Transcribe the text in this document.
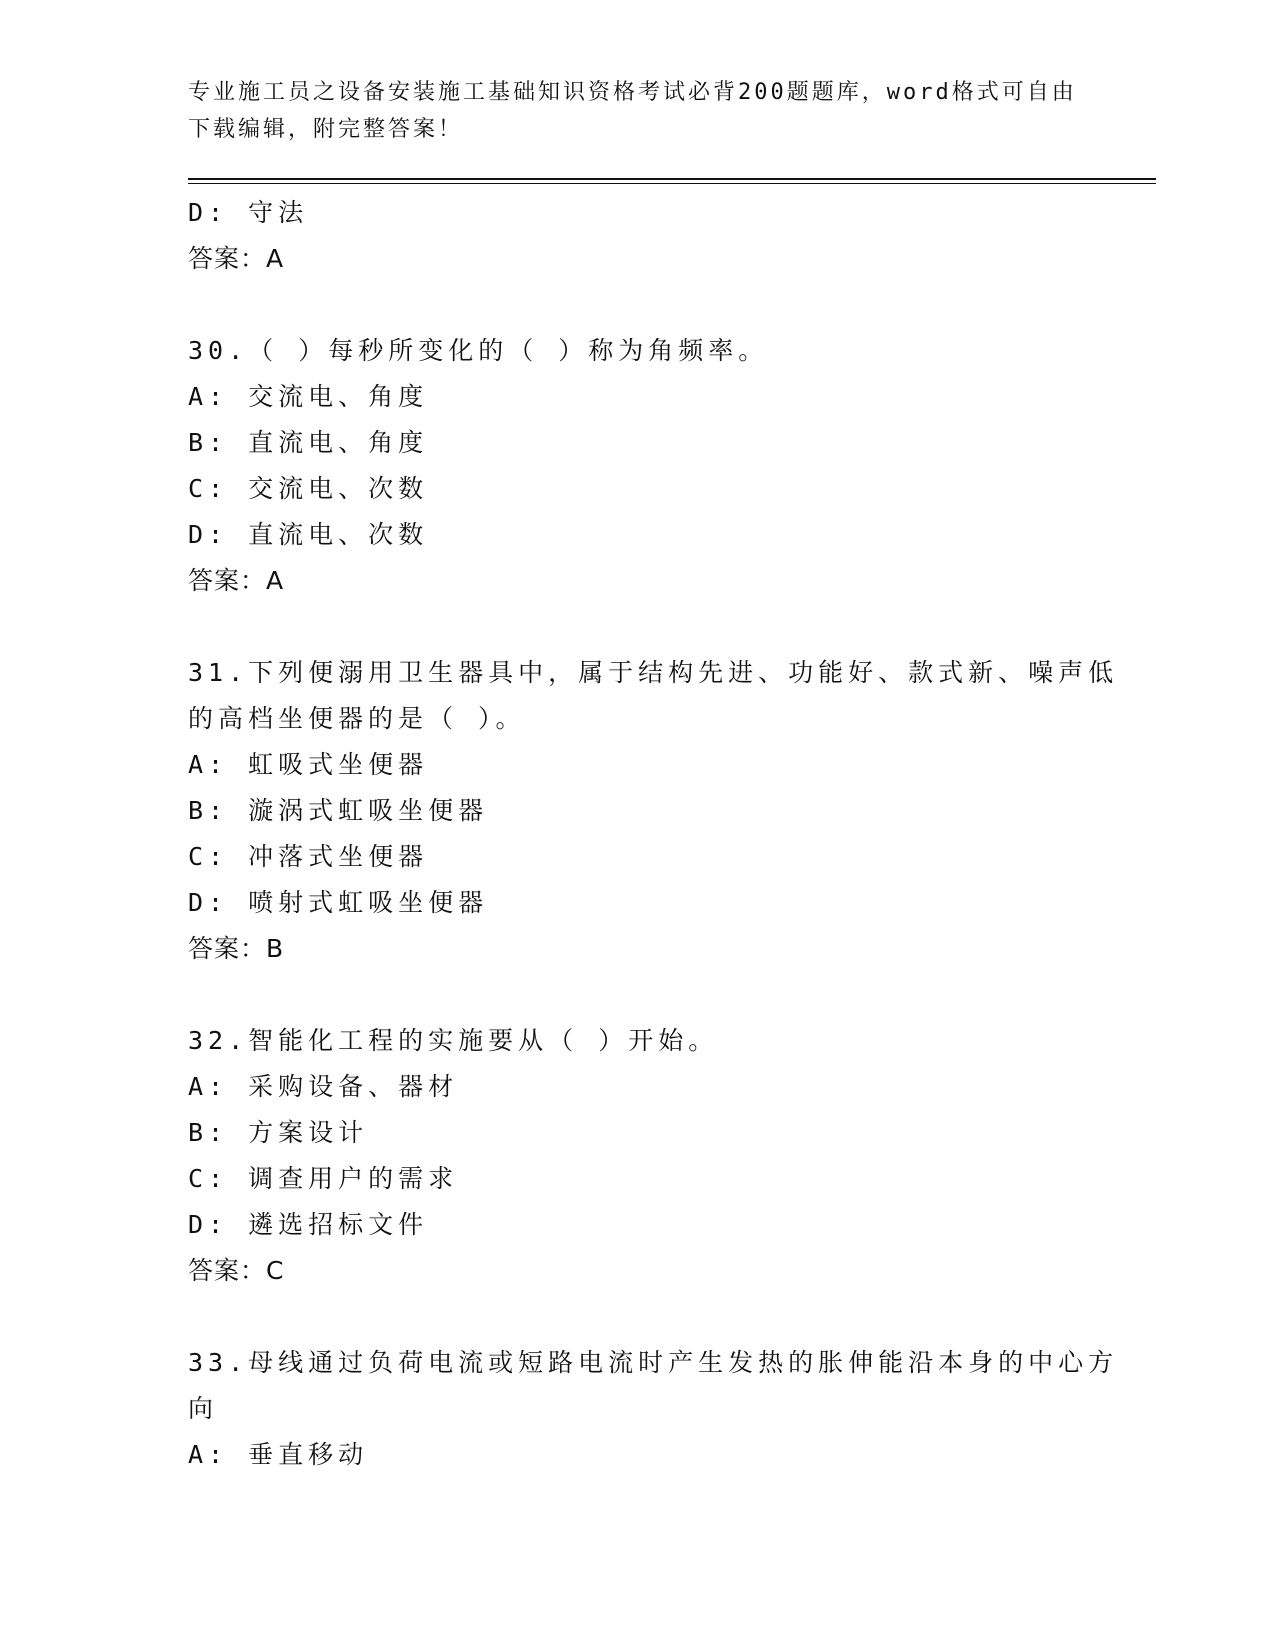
专业施工员之设备安装施工基础知识资格考试必背200题题库，word格式可自由
下载编辑，附完整答案！
D: 守法
答案：A
30.（ ）每秒所变化的（ ）称为角频率。
A: 交流电、角度
B: 直流电、角度
C: 交流电、次数
D: 直流电、次数
答案：A
31.下列便溺用卫生器具中，属于结构先进、功能好、款式新、噪声低
的高档坐便器的是（ ）。
A: 虹吸式坐便器
B: 漩涡式虹吸坐便器
C: 冲落式坐便器
D: 喷射式虹吸坐便器
答案：B
32.智能化工程的实施要从（ ）开始。
A: 采购设备、器材
B: 方案设计
C: 调查用户的需求
D: 遴选招标文件
答案：C
33.母线通过负荷电流或短路电流时产生发热的胀伸能沿本身的中心方
向
A: 垂直移动
